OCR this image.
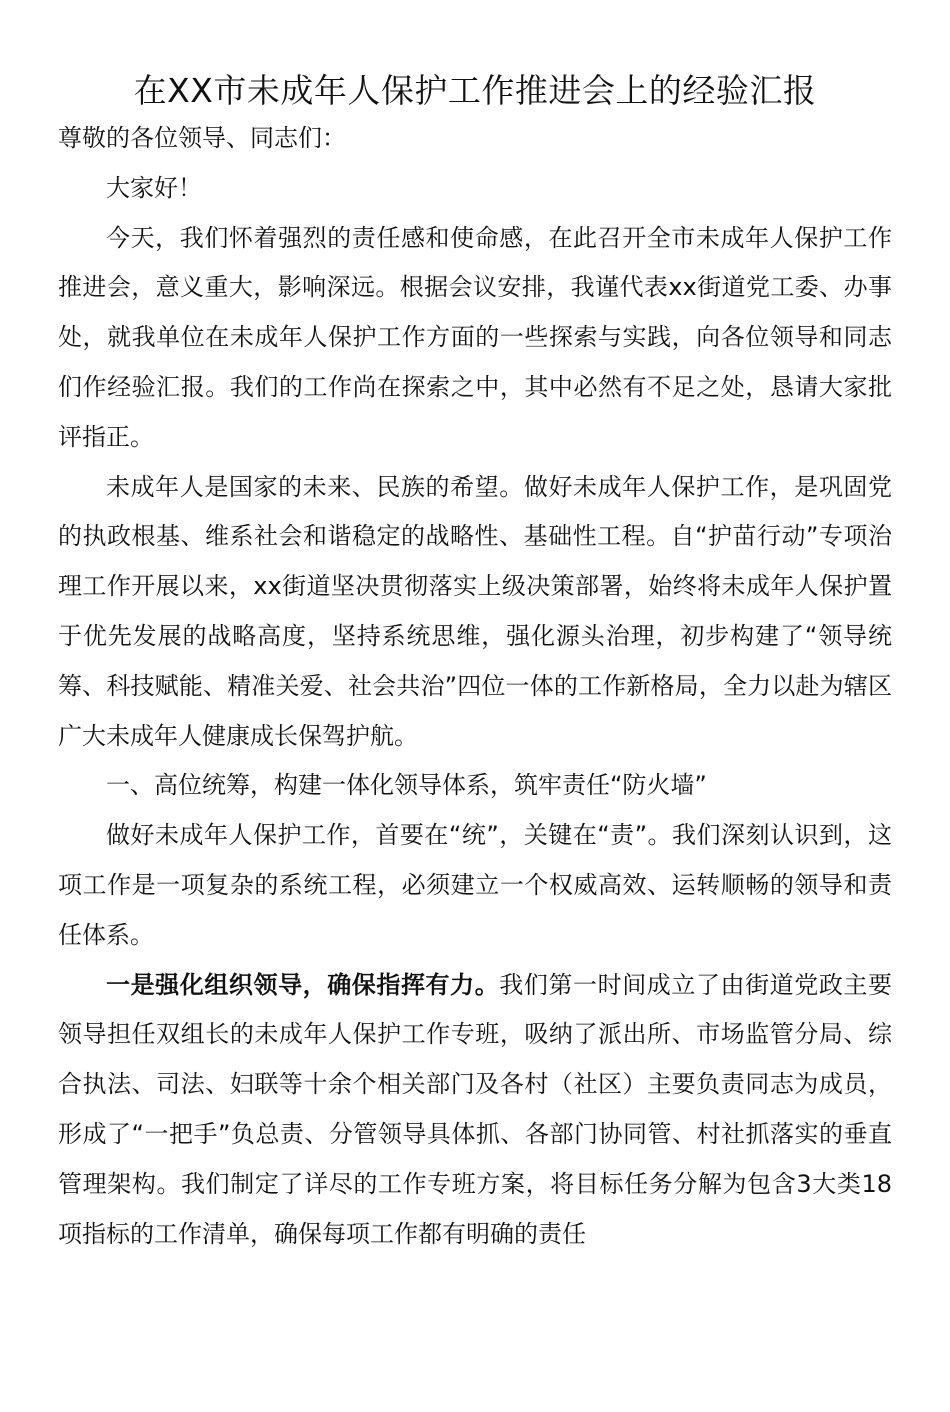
在XX市未成年人保护工作推进会上的经验汇报

尊敬的各位领导、同志们：

大家好！

今天，我们怀着强烈的责任感和使命感，在此召开全市未成年人保护工作推进会，意义重大，影响深远。根据会议安排，我谨代表xx街道党工委、办事处，就我单位在未成年人保护工作方面的一些探索与实践，向各位领导和同志们作经验汇报。我们的工作尚在探索之中，其中必然有不足之处，恳请大家批评指正。

未成年人是国家的未来、民族的希望。做好未成年人保护工作，是巩固党的执政根基、维系社会和谐稳定的战略性、基础性工程。自“护苗行动”专项治理工作开展以来，xx街道坚决贯彻落实上级决策部署，始终将未成年人保护置于优先发展的战略高度，坚持系统思维，强化源头治理，初步构建了“领导统筹、科技赋能、精准关爱、社会共治”四位一体的工作新格局，全力以赴为辖区广大未成年人健康成长保驾护航。

一、高位统筹，构建一体化领导体系，筑牢责任“防火墙”

做好未成年人保护工作，首要在“统”，关键在“责”。我们深刻认识到，这项工作是一项复杂的系统工程，必须建立一个权威高效、运转顺畅的领导和责任体系。

一是强化组织领导，确保指挥有力。我们第一时间成立了由街道党政主要领导担任双组长的未成年人保护工作专班，吸纳了派出所、市场监管分局、综合执法、司法、妇联等十余个相关部门及各村（社区）主要负责同志为成员，形成了“一把手”负总责、分管领导具体抓、各部门协同管、村社抓落实的垂直管理架构。我们制定了详尽的工作专班方案，将目标任务分解为包含3大类18项指标的工作清单，确保每项工作都有明确的责任
